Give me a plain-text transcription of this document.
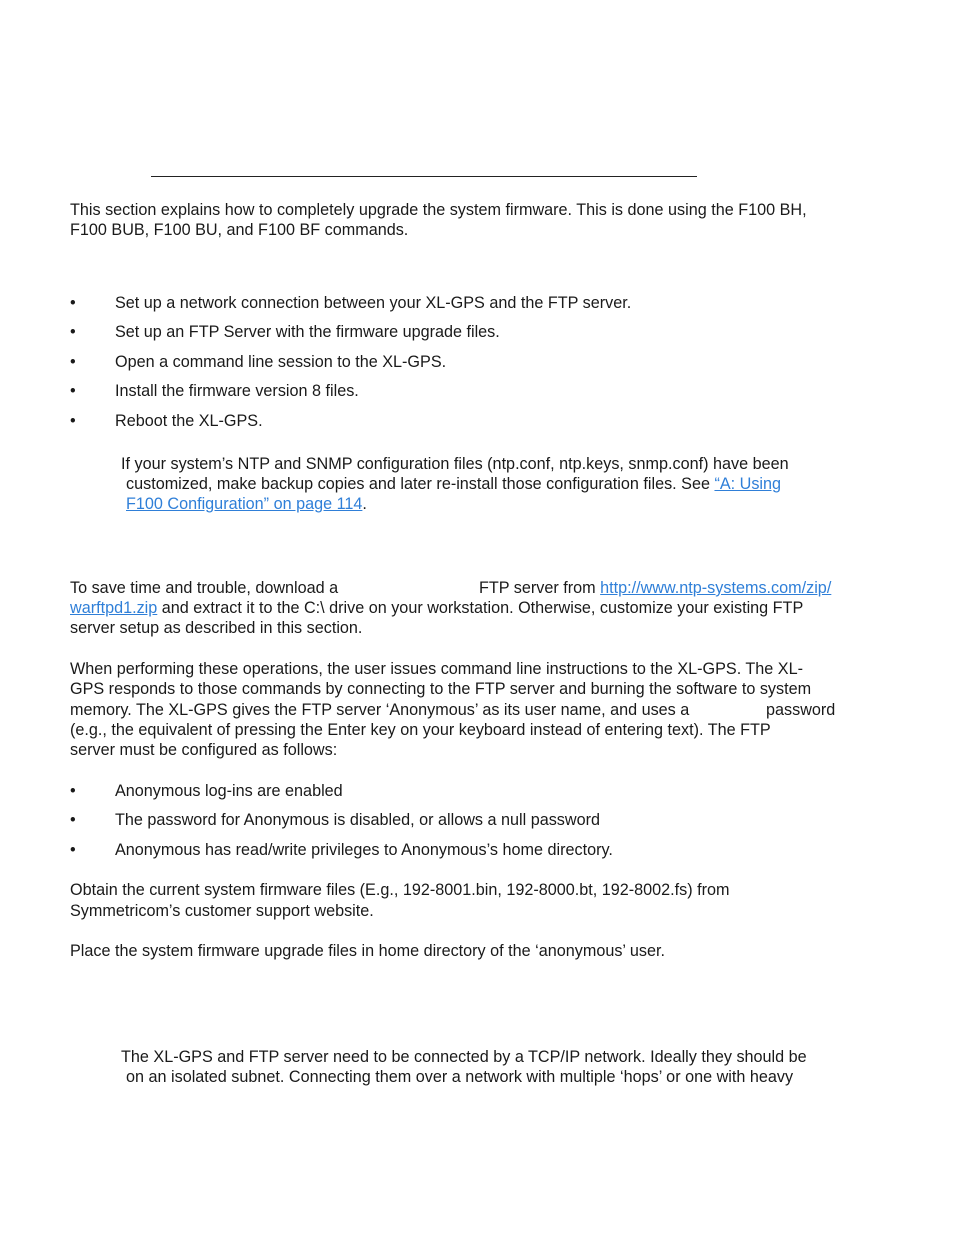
This section explains how to completely upgrade the system firmware. This is done using the F100 BH,
F100 BUB, F100 BU, and F100 BF commands.
• Set up a network connection between your XL-GPS and the FTP server.
• Set up an FTP Server with the firmware upgrade files.
• Open a command line session to the XL-GPS.
• Install the firmware version 8 files.
• Reboot the XL-GPS.
If your system’s NTP and SNMP configuration files (ntp.conf, ntp.keys, snmp.conf) have been
customized, make backup copies and later re-install those configuration files. See “A: Using
F100 Configuration” on page 114.
To save time and trouble, download a	FTP server from http://www.ntp-systems.com/zip/
warftpd1.zip and extract it to the C:\ drive on your workstation. Otherwise, customize your existing FTP
server setup as described in this section.
When performing these operations, the user issues command line instructions to the XL-GPS. The XL-
GPS responds to those commands by connecting to the FTP server and burning the software to system
memory. The XL-GPS gives the FTP server ‘Anonymous’ as its user name, and uses a	password
(e.g., the equivalent of pressing the Enter key on your keyboard instead of entering text). The FTP
server must be configured as follows:
• Anonymous log-ins are enabled
• The password for Anonymous is disabled, or allows a null password
• Anonymous has read/write privileges to Anonymous’s home directory.
Obtain the current system firmware files (E.g., 192-8001.bin, 192-8000.bt, 192-8002.fs) from
Symmetricom’s customer support website.
Place the system firmware upgrade files in home directory of the ‘anonymous’ user.
The XL-GPS and FTP server need to be connected by a TCP/IP network. Ideally they should be
on an isolated subnet. Connecting them over a network with multiple ‘hops’ or one with heavy
